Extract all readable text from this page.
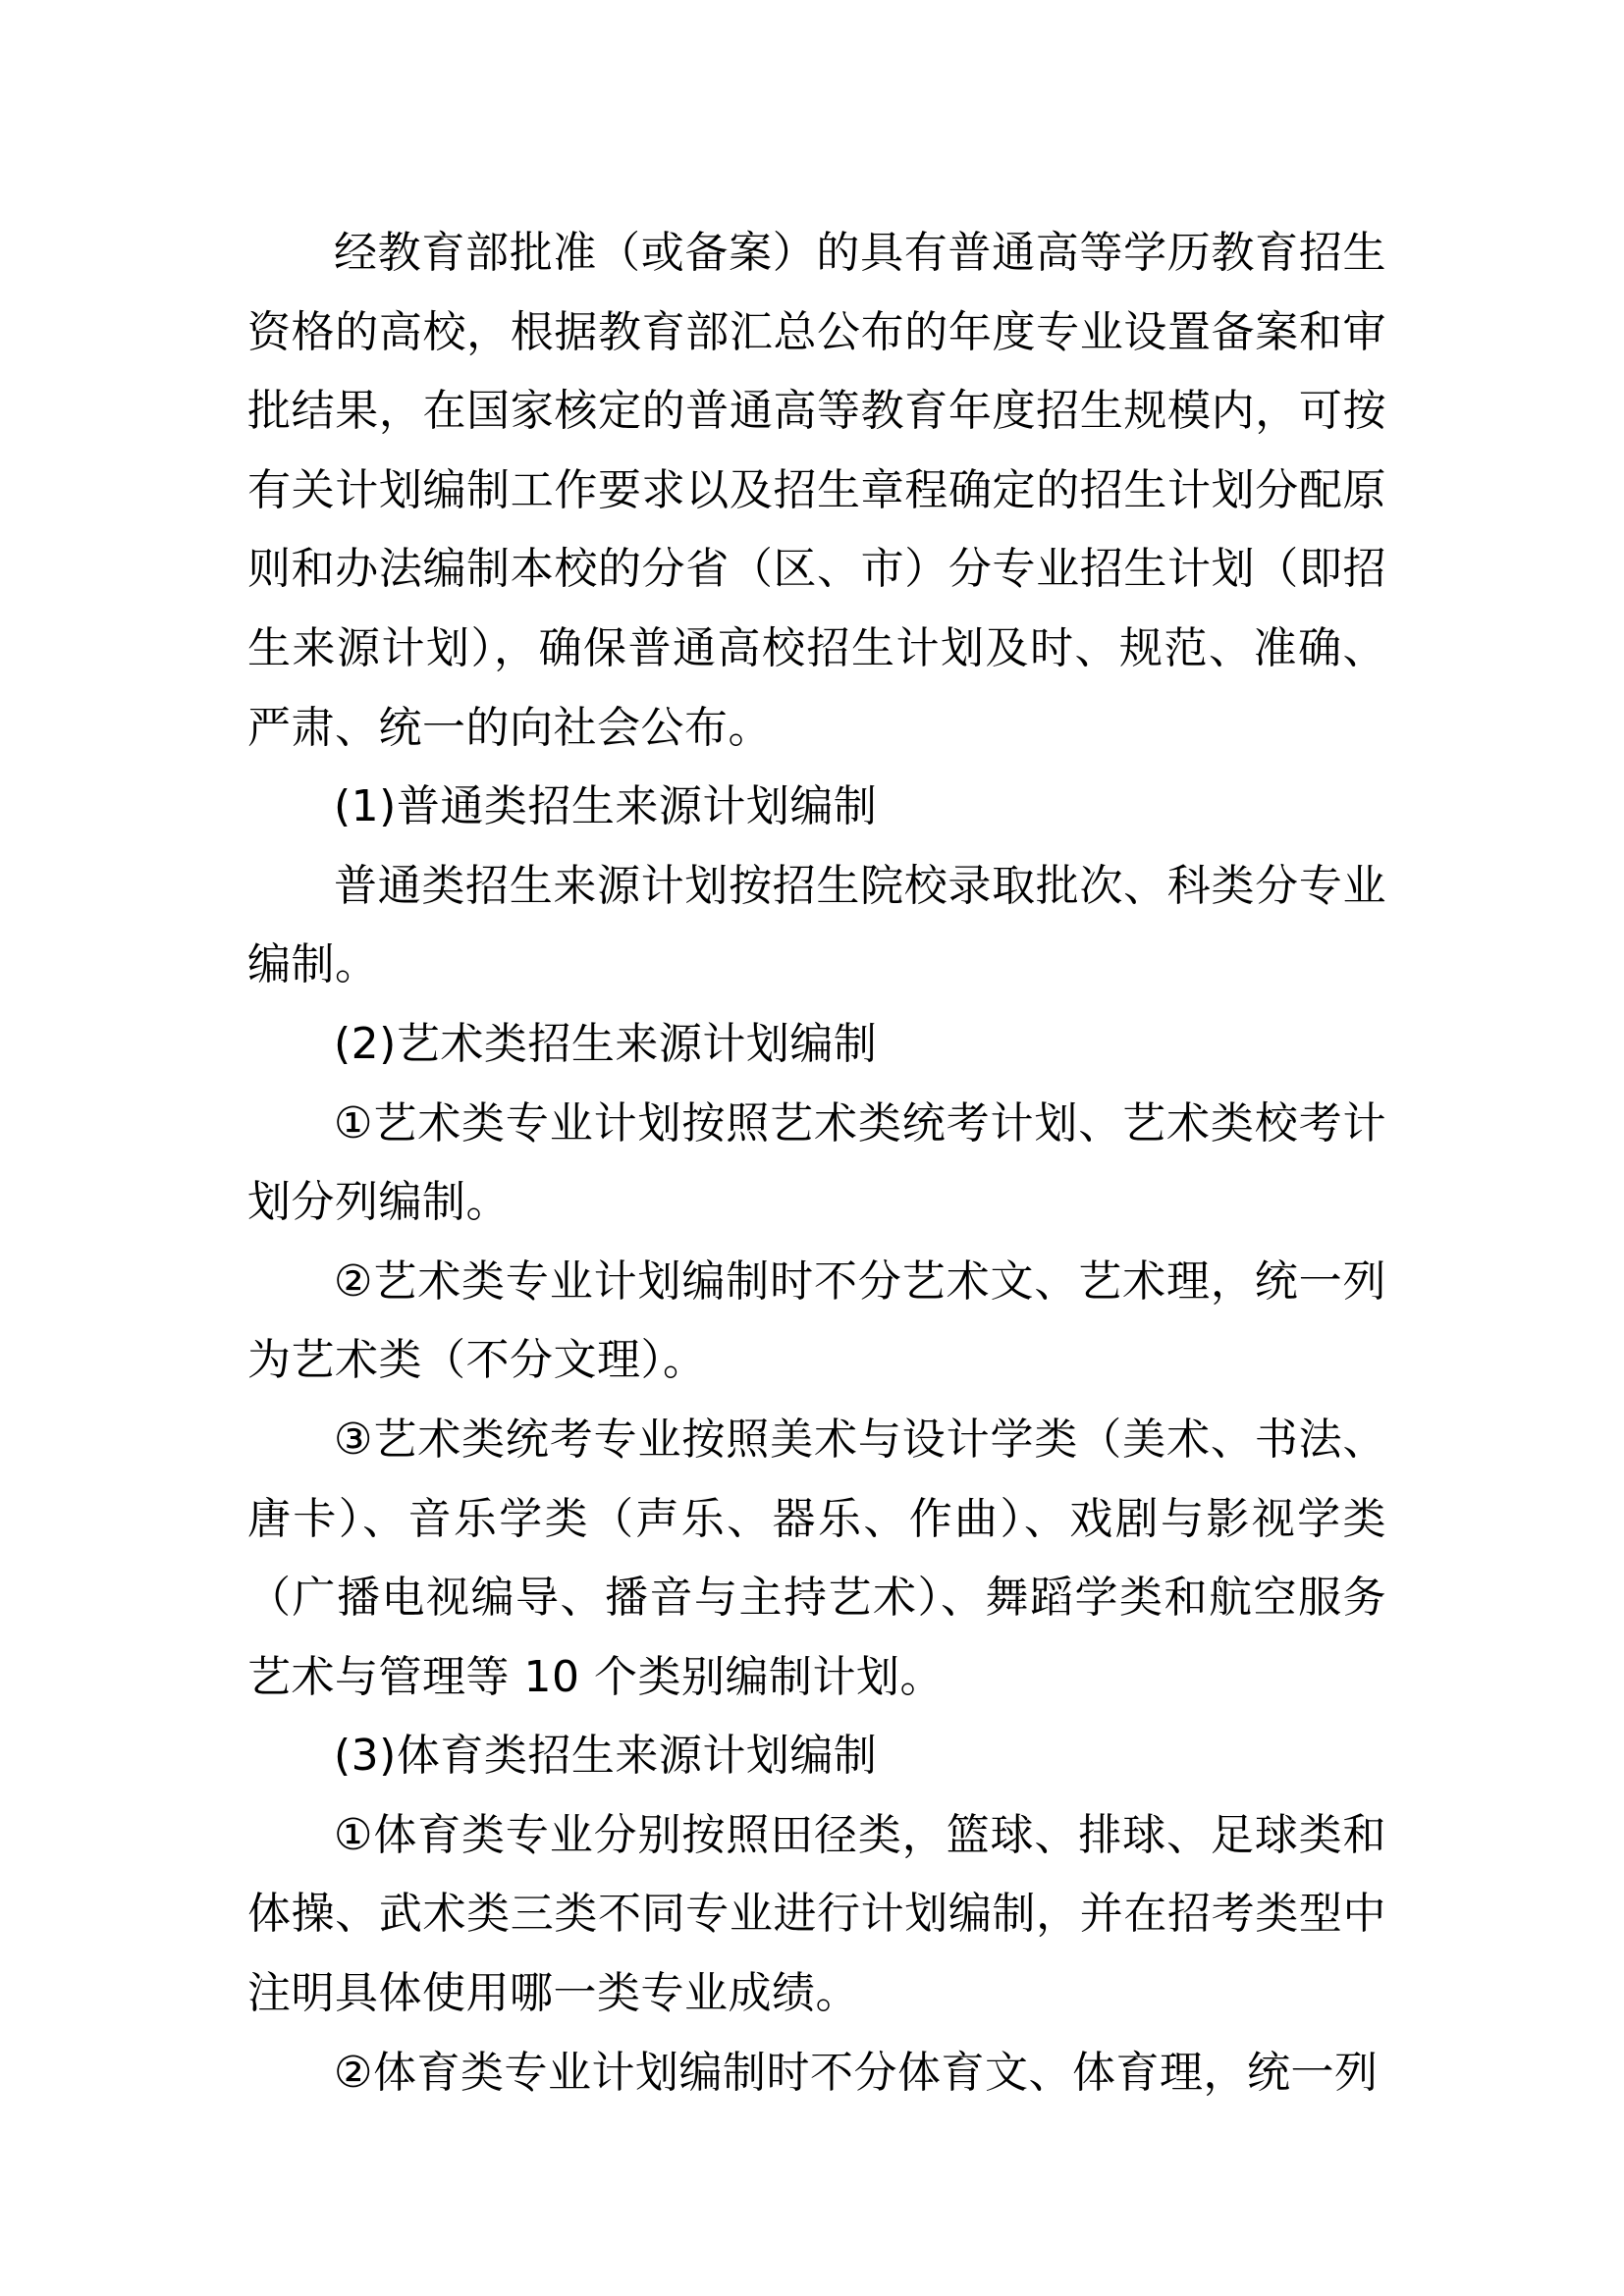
经教育部批准（或备案）的具有普通高等学历教育招生资格的高校，根据教育部汇总公布的年度专业设置备案和审批结果，在国家核定的普通高等教育年度招生规模内，可按有关计划编制工作要求以及招生章程确定的招生计划分配原则和办法编制本校的分省（区、市）分专业招生计划（即招生来源计划），确保普通高校招生计划及时、规范、准确、严肃、统一的向社会公布。

(1)普通类招生来源计划编制

普通类招生来源计划按招生院校录取批次、科类分专业编制。

(2)艺术类招生来源计划编制

①艺术类专业计划按照艺术类统考计划、艺术类校考计划分列编制。

②艺术类专业计划编制时不分艺术文、艺术理，统一列为艺术类（不分文理）。

③艺术类统考专业按照美术与设计学类（美术、书法、唐卡）、音乐学类（声乐、器乐、作曲）、戏剧与影视学类（广播电视编导、播音与主持艺术）、舞蹈学类和航空服务艺术与管理等 10 个类别编制计划。

(3)体育类招生来源计划编制

①体育类专业分别按照田径类，篮球、排球、足球类和体操、武术类三类不同专业进行计划编制，并在招考类型中注明具体使用哪一类专业成绩。

②体育类专业计划编制时不分体育文、体育理，统一列
